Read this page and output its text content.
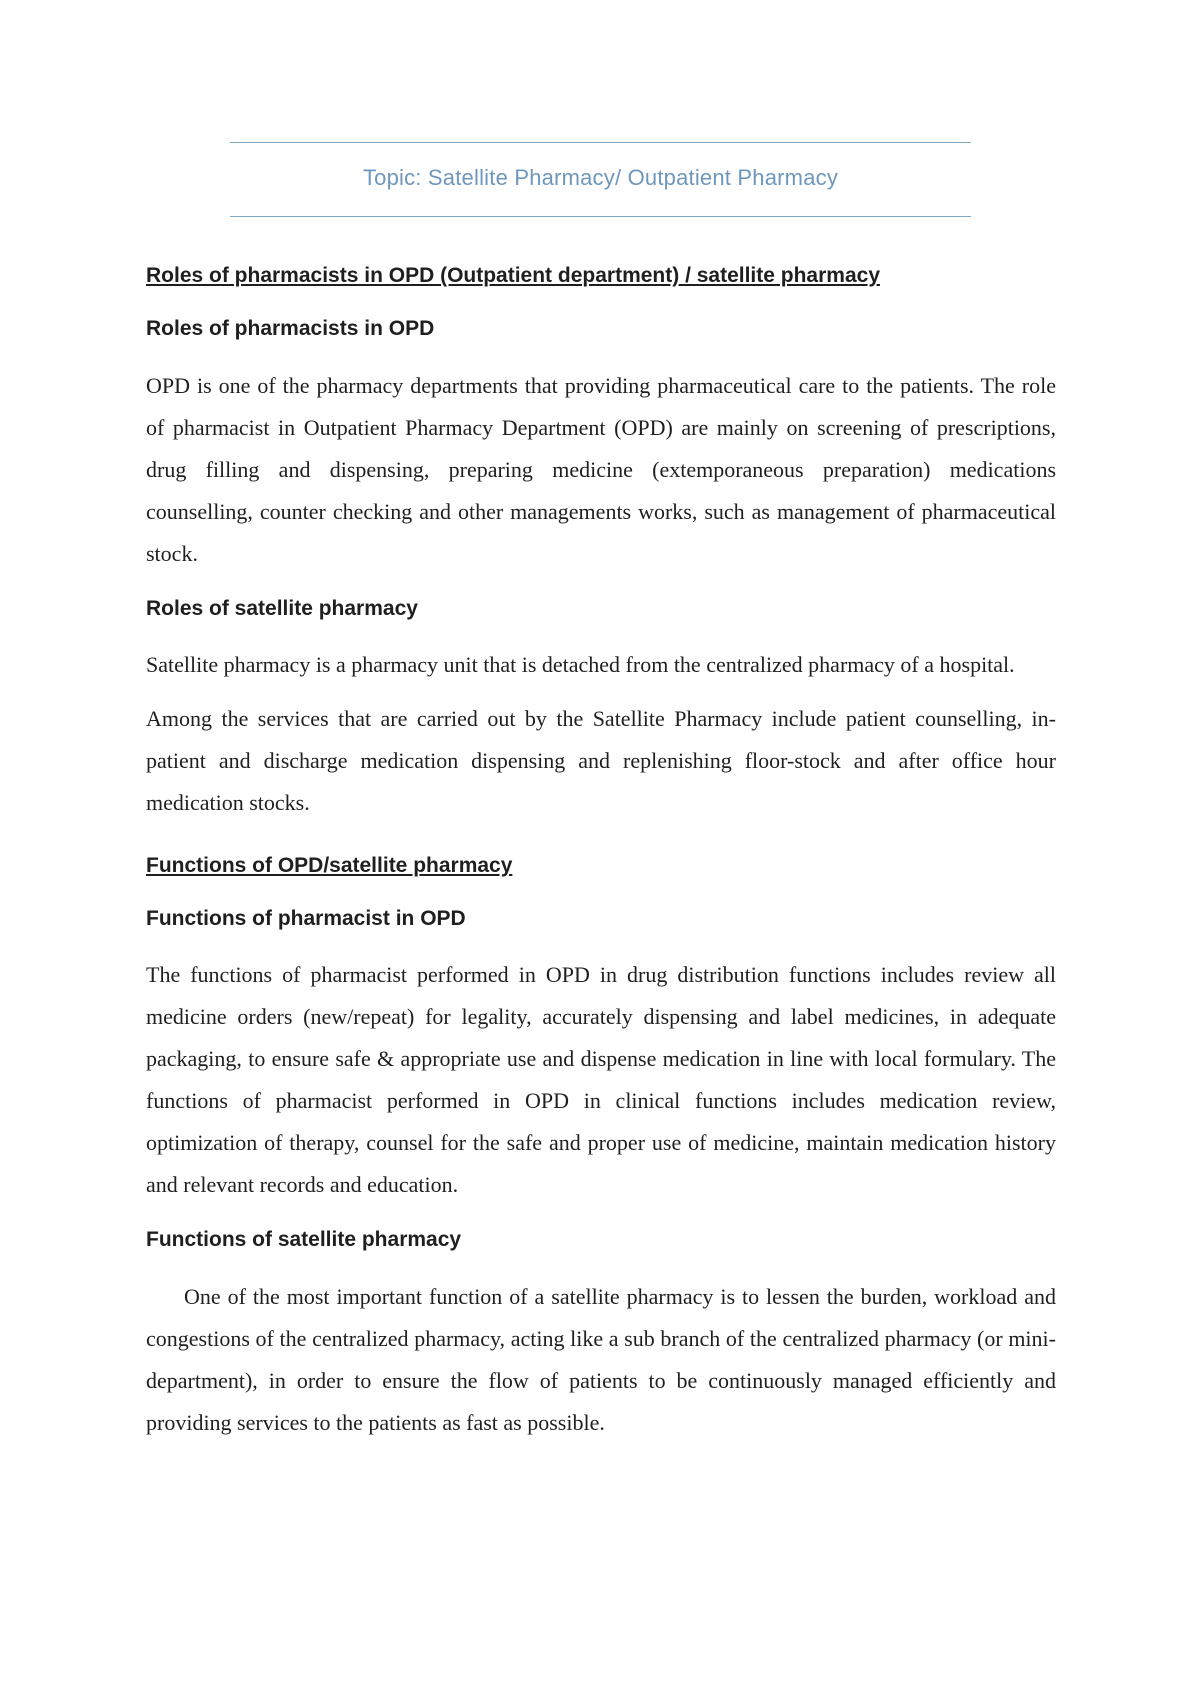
Topic: Satellite Pharmacy/ Outpatient Pharmacy
Roles of pharmacists in OPD (Outpatient department) / satellite pharmacy
Roles of pharmacists in OPD

OPD is one of the pharmacy departments that providing pharmaceutical care to the patients. The role of pharmacist in Outpatient Pharmacy Department (OPD) are mainly on screening of prescriptions, drug filling and dispensing, preparing medicine (extemporaneous preparation) medications counselling, counter checking and other managements works, such as management of pharmaceutical stock.

Roles of satellite pharmacy

Satellite pharmacy is a pharmacy unit that is detached from the centralized pharmacy of a hospital.

Among the services that are carried out by the Satellite Pharmacy include patient counselling, in-patient and discharge medication dispensing and replenishing floor-stock and after office hour medication stocks.

Functions of OPD/satellite pharmacy
Functions of pharmacist in OPD

The functions of pharmacist performed in OPD in drug distribution functions includes review all medicine orders (new/repeat) for legality, accurately dispensing and label medicines, in adequate packaging, to ensure safe & appropriate use and dispense medication in line with local formulary. The functions of pharmacist performed in OPD in clinical functions includes medication review, optimization of therapy, counsel for the safe and proper use of medicine, maintain medication history and relevant records and education.

Functions of satellite pharmacy

One of the most important function of a satellite pharmacy is to lessen the burden, workload and congestions of the centralized pharmacy, acting like a sub branch of the centralized pharmacy (or mini-department), in order to ensure the flow of patients to be continuously managed efficiently and providing services to the patients as fast as possible.
